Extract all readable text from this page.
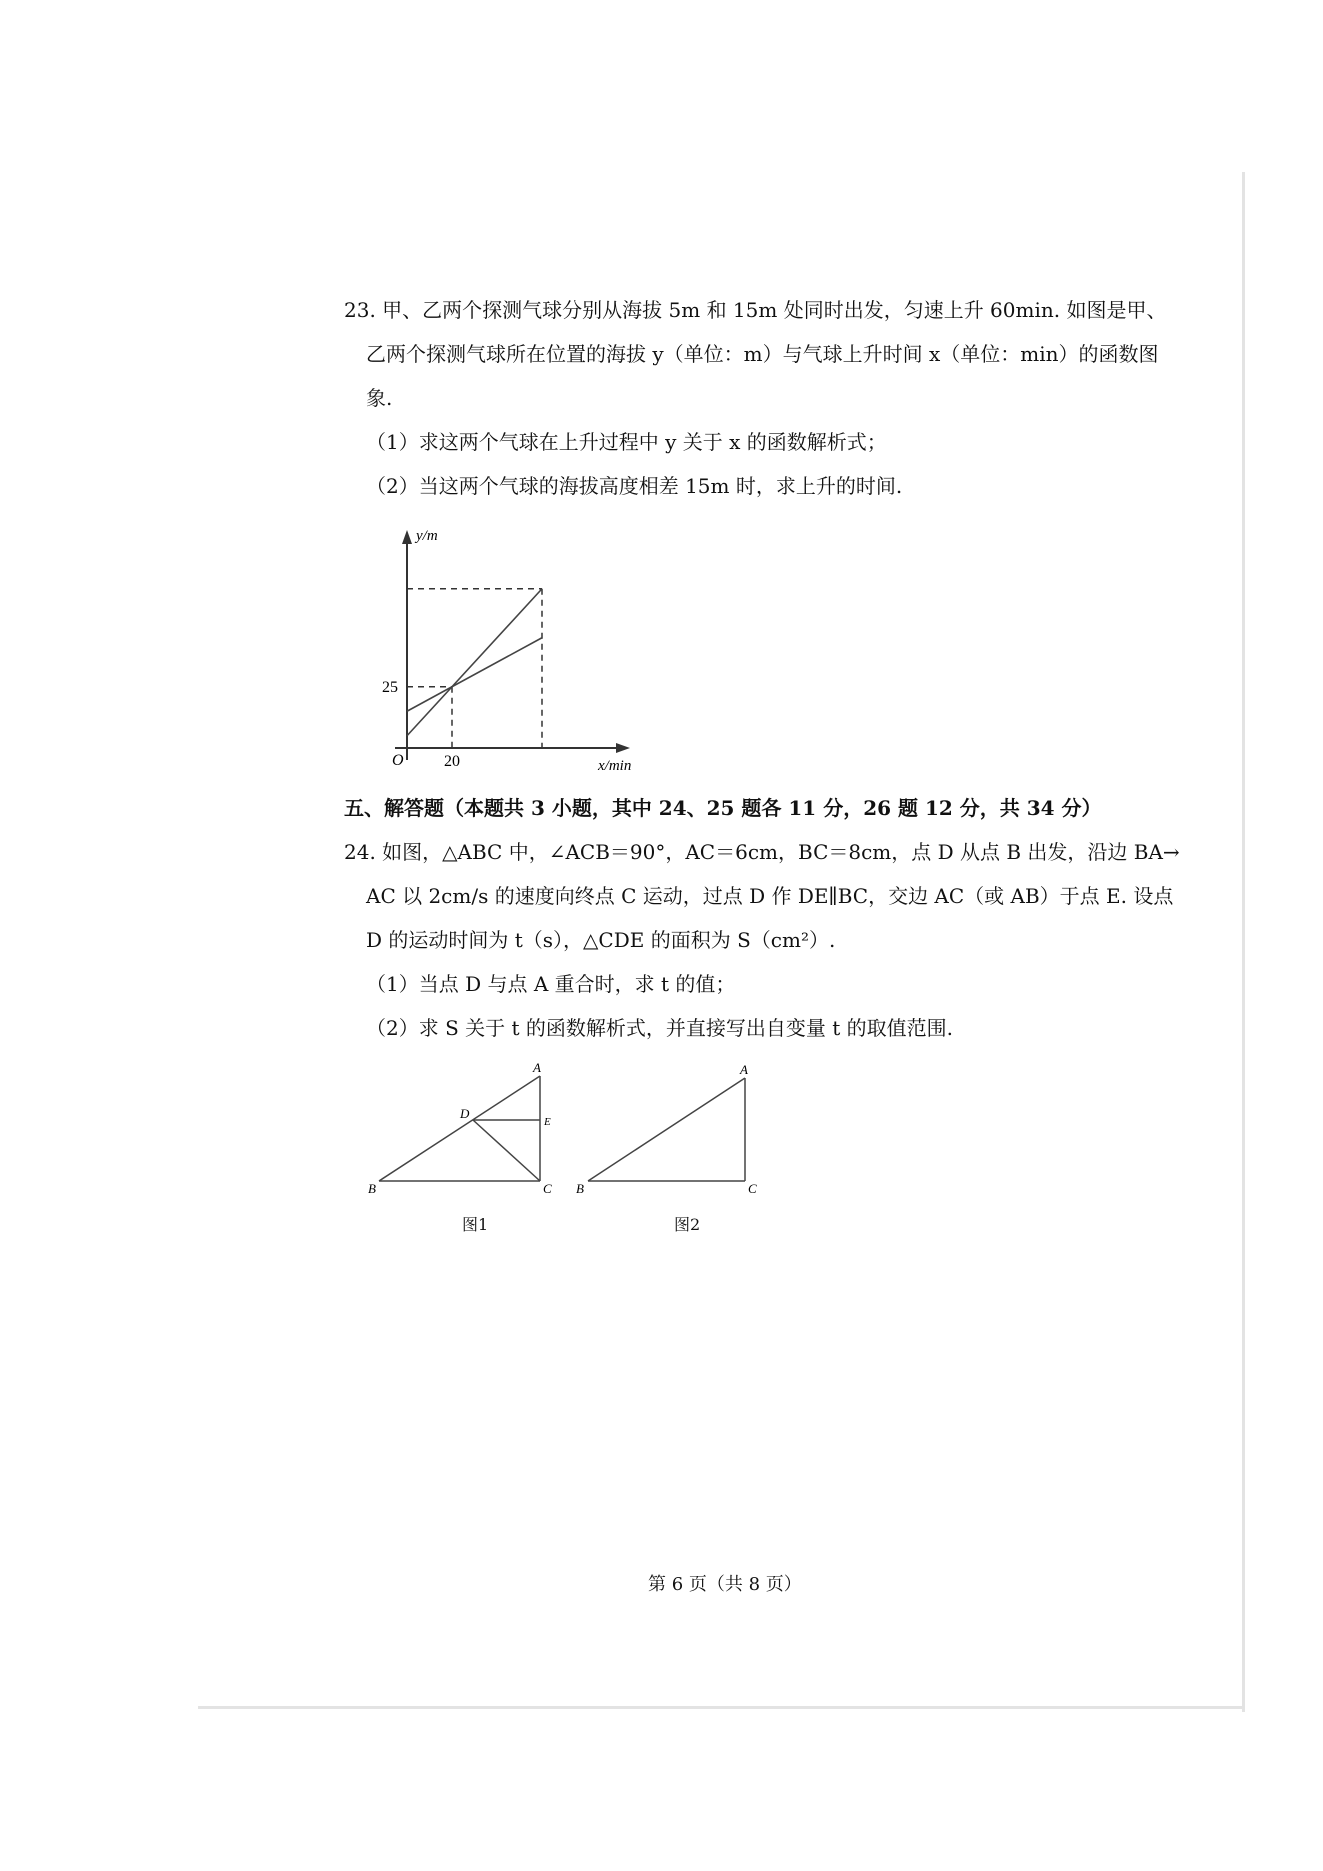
23. 甲、乙两个探测气球分别从海拔 5m 和 15m 处同时出发，匀速上升 60min. 如图是甲、
乙两个探测气球所在位置的海拔 y（单位：m）与气球上升时间 x（单位：min）的函数图
象.
（1）求这两个气球在上升过程中 y 关于 x 的函数解析式；
（2）当这两个气球的海拔高度相差 15m 时，求上升的时间.
y/m
x/min
O
25
20
五、解答题（本题共 3 小题，其中 24、25 题各 11 分，26 题 12 分，共 34 分）
24. 如图，△ABC 中，∠ACB＝90°，AC＝6cm，BC＝8cm，点 D 从点 B 出发，沿边 BA→
AC 以 2cm/s 的速度向终点 C 运动，过点 D 作 DE∥BC，交边 AC（或 AB）于点 E. 设点
D 的运动时间为 t（s），△CDE 的面积为 S（cm²）.
（1）当点 D 与点 A 重合时，求 t 的值；
（2）求 S 关于 t 的函数解析式，并直接写出自变量 t 的取值范围.
A
B	C
D
E
图1
A
B	C
图2
第 6 页（共 8 页）
